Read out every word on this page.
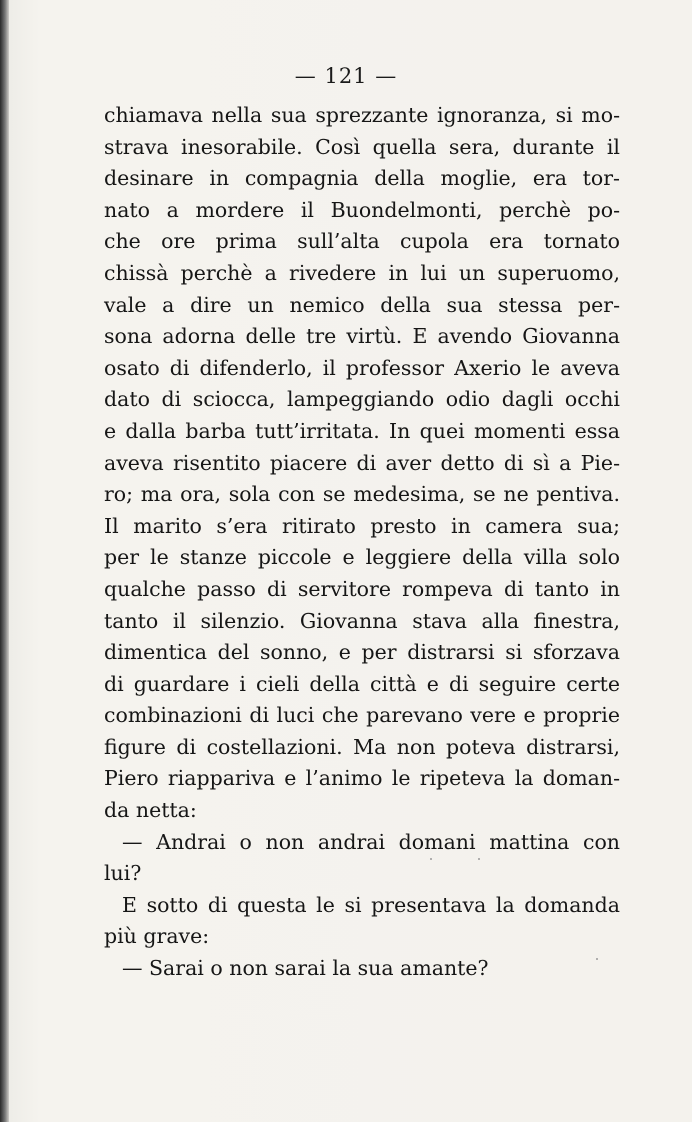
— 121 —
chiamava nella sua sprezzante ignoranza, si mo-
strava inesorabile. Così quella sera, durante il
desinare in compagnia della moglie, era tor-
nato a mordere il Buondelmonti, perchè po-
che ore prima sull’alta cupola era tornato
chissà perchè a rivedere in lui un superuomo,
vale a dire un nemico della sua stessa per-
sona adorna delle tre virtù. E avendo Giovanna
osato di difenderlo, il professor Axerio le aveva
dato di sciocca, lampeggiando odio dagli occhi
e dalla barba tutt’irritata. In quei momenti essa
aveva risentito piacere di aver detto di sì a Pie-
ro; ma ora, sola con se medesima, se ne pentiva.
Il marito s’era ritirato presto in camera sua;
per le stanze piccole e leggiere della villa solo
qualche passo di servitore rompeva di tanto in
tanto il silenzio. Giovanna stava alla finestra,
dimentica del sonno, e per distrarsi si sforzava
di guardare i cieli della città e di seguire certe
combinazioni di luci che parevano vere e proprie
figure di costellazioni. Ma non poteva distrarsi,
Piero riappariva e l’animo le ripeteva la doman-
da netta:
— Andrai o non andrai domani mattina con
lui?
E sotto di questa le si presentava la domanda
più grave:
— Sarai o non sarai la sua amante?
